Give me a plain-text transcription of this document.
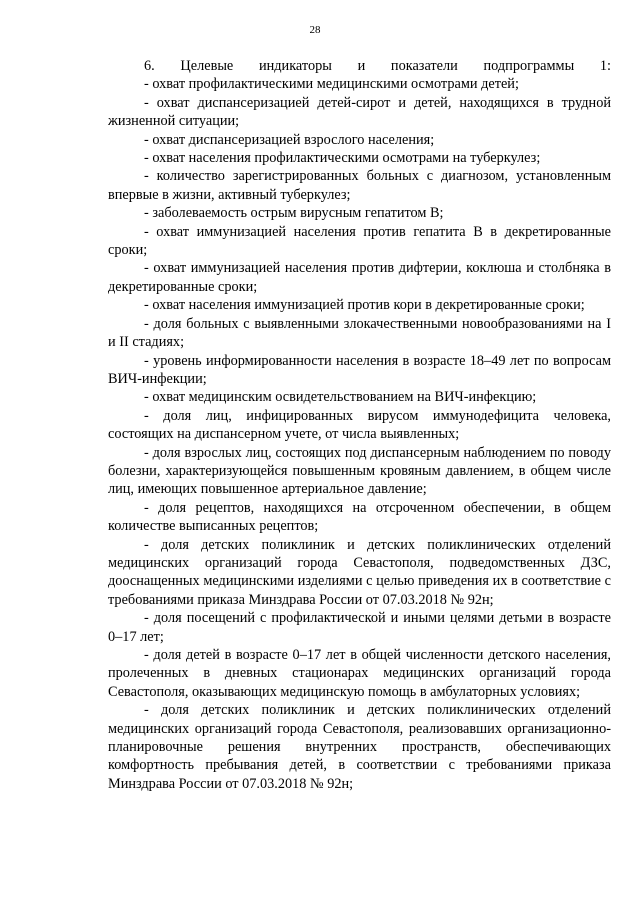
28

6. Целевые индикаторы и показатели подпрограммы 1:

- охват профилактическими медицинскими осмотрами детей;

- охват диспансеризацией детей-сирот и детей, находящихся в трудной жизненной ситуации;

- охват диспансеризацией взрослого населения;

- охват населения профилактическими осмотрами на туберкулез;

- количество зарегистрированных больных с диагнозом, установленным впервые в жизни, активный туберкулез;

- заболеваемость острым вирусным гепатитом В;

- охват иммунизацией населения против гепатита В в декретированные сроки;

- охват иммунизацией населения против дифтерии, коклюша и столбняка в декретированные сроки;

- охват населения иммунизацией против кори в декретированные сроки;

- доля больных с выявленными злокачественными новообразованиями на I и II стадиях;

- уровень информированности населения в возрасте 18–49 лет по вопросам ВИЧ-инфекции;

- охват медицинским освидетельствованием на ВИЧ-инфекцию;

- доля лиц, инфицированных вирусом иммунодефицита человека, состоящих на диспансерном учете, от числа выявленных;

- доля взрослых лиц, состоящих под диспансерным наблюдением по поводу болезни, характеризующейся повышенным кровяным давлением, в общем числе лиц, имеющих повышенное артериальное давление;

- доля рецептов, находящихся на отсроченном обеспечении, в общем количестве выписанных рецептов;

- доля детских поликлиник и детских поликлинических отделений медицинских организаций города Севастополя, подведомственных ДЗС, дооснащенных медицинскими изделиями с целью приведения их в соответствие с требованиями приказа Минздрава России от 07.03.2018 № 92н;

- доля посещений с профилактической и иными целями детьми в возрасте 0–17 лет;

- доля детей в возрасте 0–17 лет в общей численности детского населения, пролеченных в дневных стационарах медицинских организаций города Севастополя, оказывающих медицинскую помощь в амбулаторных условиях;

- доля детских поликлиник и детских поликлинических отделений медицинских организаций города Севастополя, реализовавших организационно-планировочные решения внутренних пространств, обеспечивающих комфортность пребывания детей, в соответствии с требованиями приказа Минздрава России от 07.03.2018 № 92н;
